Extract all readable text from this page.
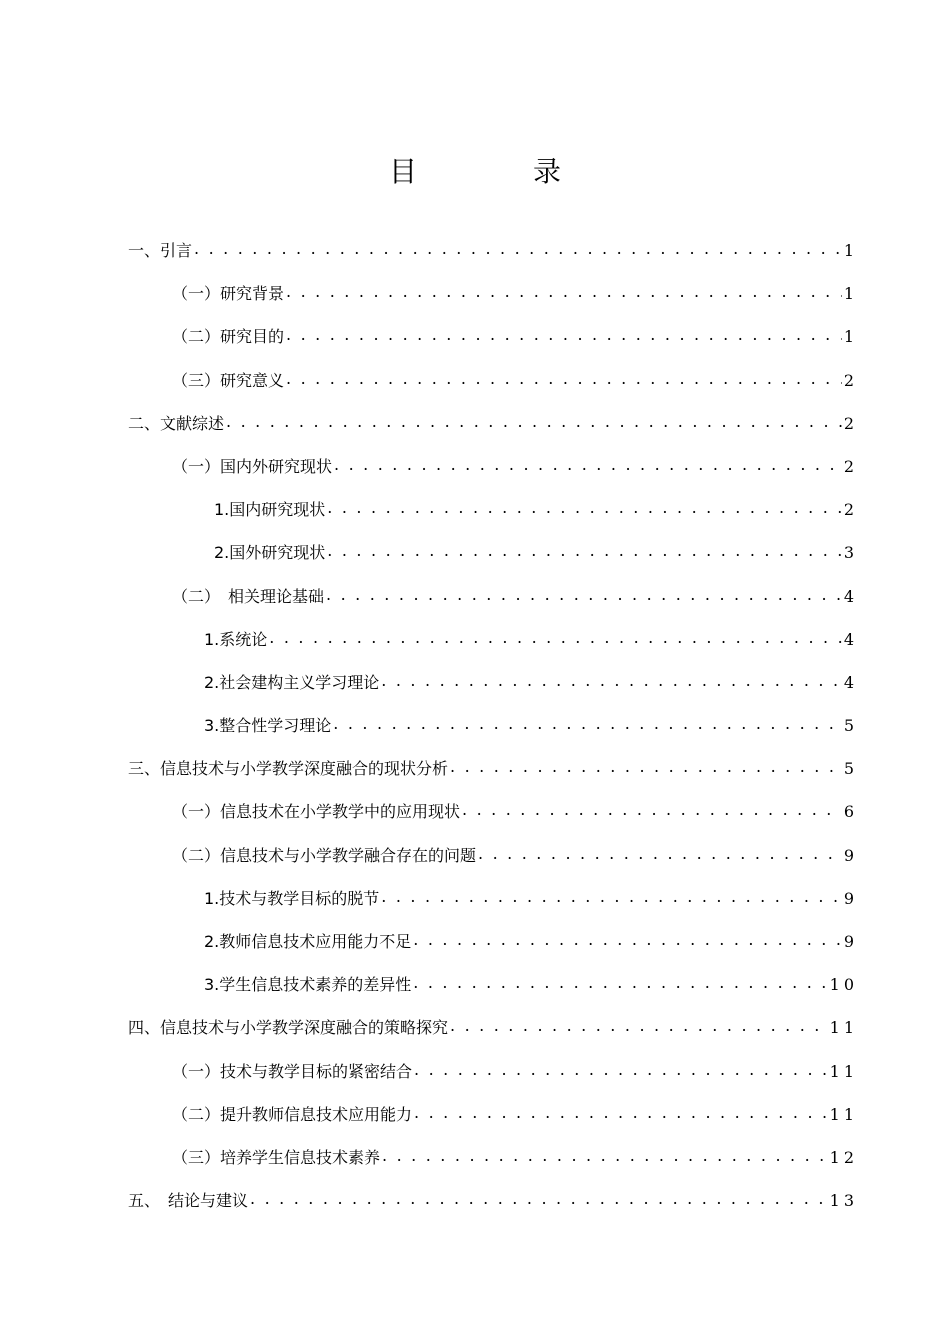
目　录
一、引言 . . .	1
（一）研究背景 . . .	1
（二）研究目的 . . .	1
（三）研究意义 . . .	2
二、文献综述 . . .	2
（一）国内外研究现状 . . .	2
1.国内研究现状 . . .	2
2.国外研究现状 . . .	3
（二）　相关理论基础 . . .	4
1.系统论 . . .	4
2.社会建构主义学习理论 . . .	4
3.整合性学习理论 . . .	5
三、信息技术与小学教学深度融合的现状分析 . . .	5
（一）信息技术在小学教学中的应用现状 . . .	6
（二）信息技术与小学教学融合存在的问题 . . .	9
1.技术与教学目标的脱节 . . .	9
2.教师信息技术应用能力不足 . . .	9
3.学生信息技术素养的差异性 . . .	10
四、信息技术与小学教学深度融合的策略探究 . . .	11
（一）技术与教学目标的紧密结合 . . .	11
（二）提升教师信息技术应用能力 . . .	11
（三）培养学生信息技术素养 . . .	12
五、　结论与建议 . . .	13
